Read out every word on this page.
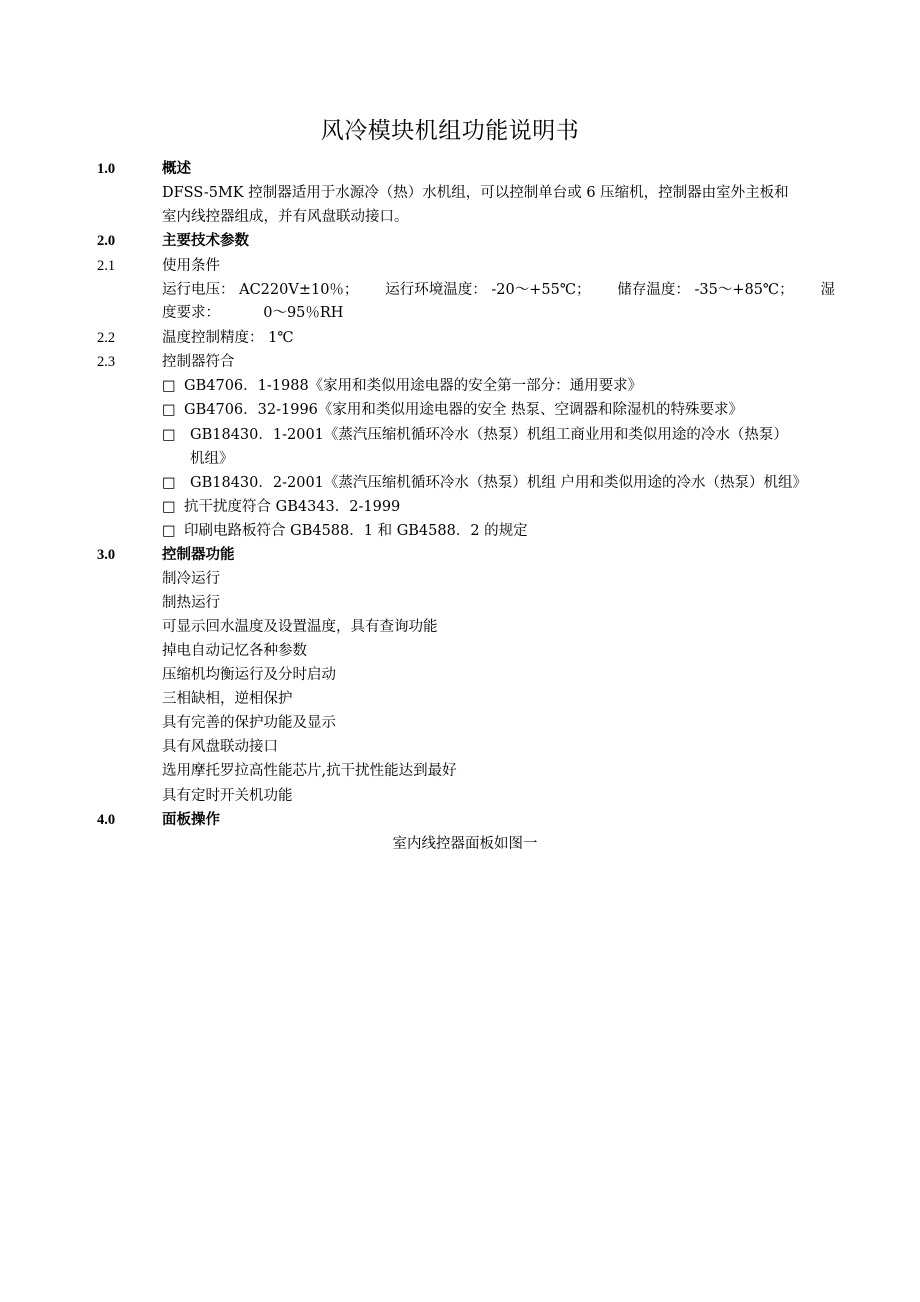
风冷模块机组功能说明书
1.0	概述
DFSS-5MK 控制器适用于水源冷（热）水机组，可以控制单台或 6 压缩机，控制器由室外主板和
室内线控器组成，并有风盘联动接口。
2.0	主要技术参数
2.1	使用条件
运行电压： AC220V±10％； 运行环境温度： -20～+55℃； 储存温度： -35～+85℃； 湿
度要求：	0～95％RH
2.2	温度控制精度： 1℃
2.3	控制器符合
□ GB4706．1-1988《家用和类似用途电器的安全第一部分：通用要求》
□ GB4706．32-1996《家用和类似用途电器的安全 热泵、空调器和除湿机的特殊要求》
□ GB18430．1-2001《蒸汽压缩机循环冷水（热泵）机组工商业用和类似用途的冷水（热泵）
机组》
□ GB18430．2-2001《蒸汽压缩机循环冷水（热泵）机组 户用和类似用途的冷水（热泵）机组》
□ 抗干扰度符合 GB4343．2-1999
□ 印刷电路板符合 GB4588．1 和 GB4588．2 的规定
3.0	控制器功能
制冷运行
制热运行
可显示回水温度及设置温度，具有查询功能
掉电自动记忆各种参数
压缩机均衡运行及分时启动
三相缺相，逆相保护
具有完善的保护功能及显示
具有风盘联动接口
选用摩托罗拉高性能芯片,抗干扰性能达到最好
具有定时开关机功能
4.0	面板操作
室内线控器面板如图一
